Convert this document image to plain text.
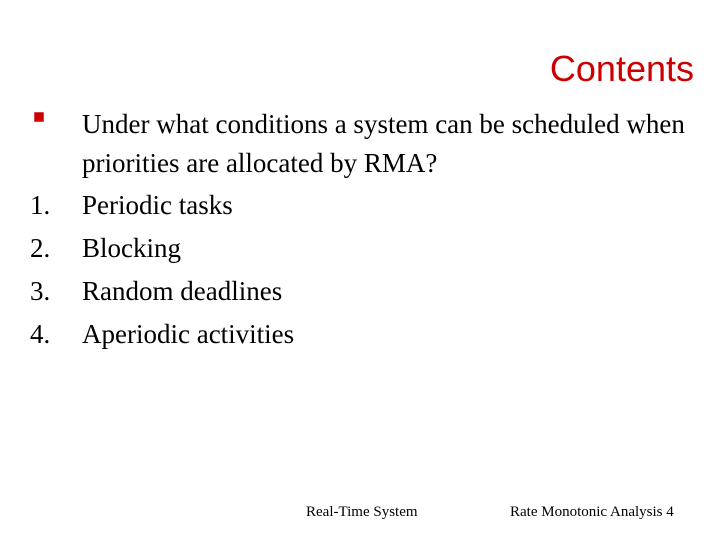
Contents
Under what conditions a system can be scheduled when priorities are allocated by RMA?
1.	Periodic tasks
2.	Blocking
3.	Random deadlines
4.	Aperiodic activities
Real-Time System	Rate Monotonic Analysis 4
